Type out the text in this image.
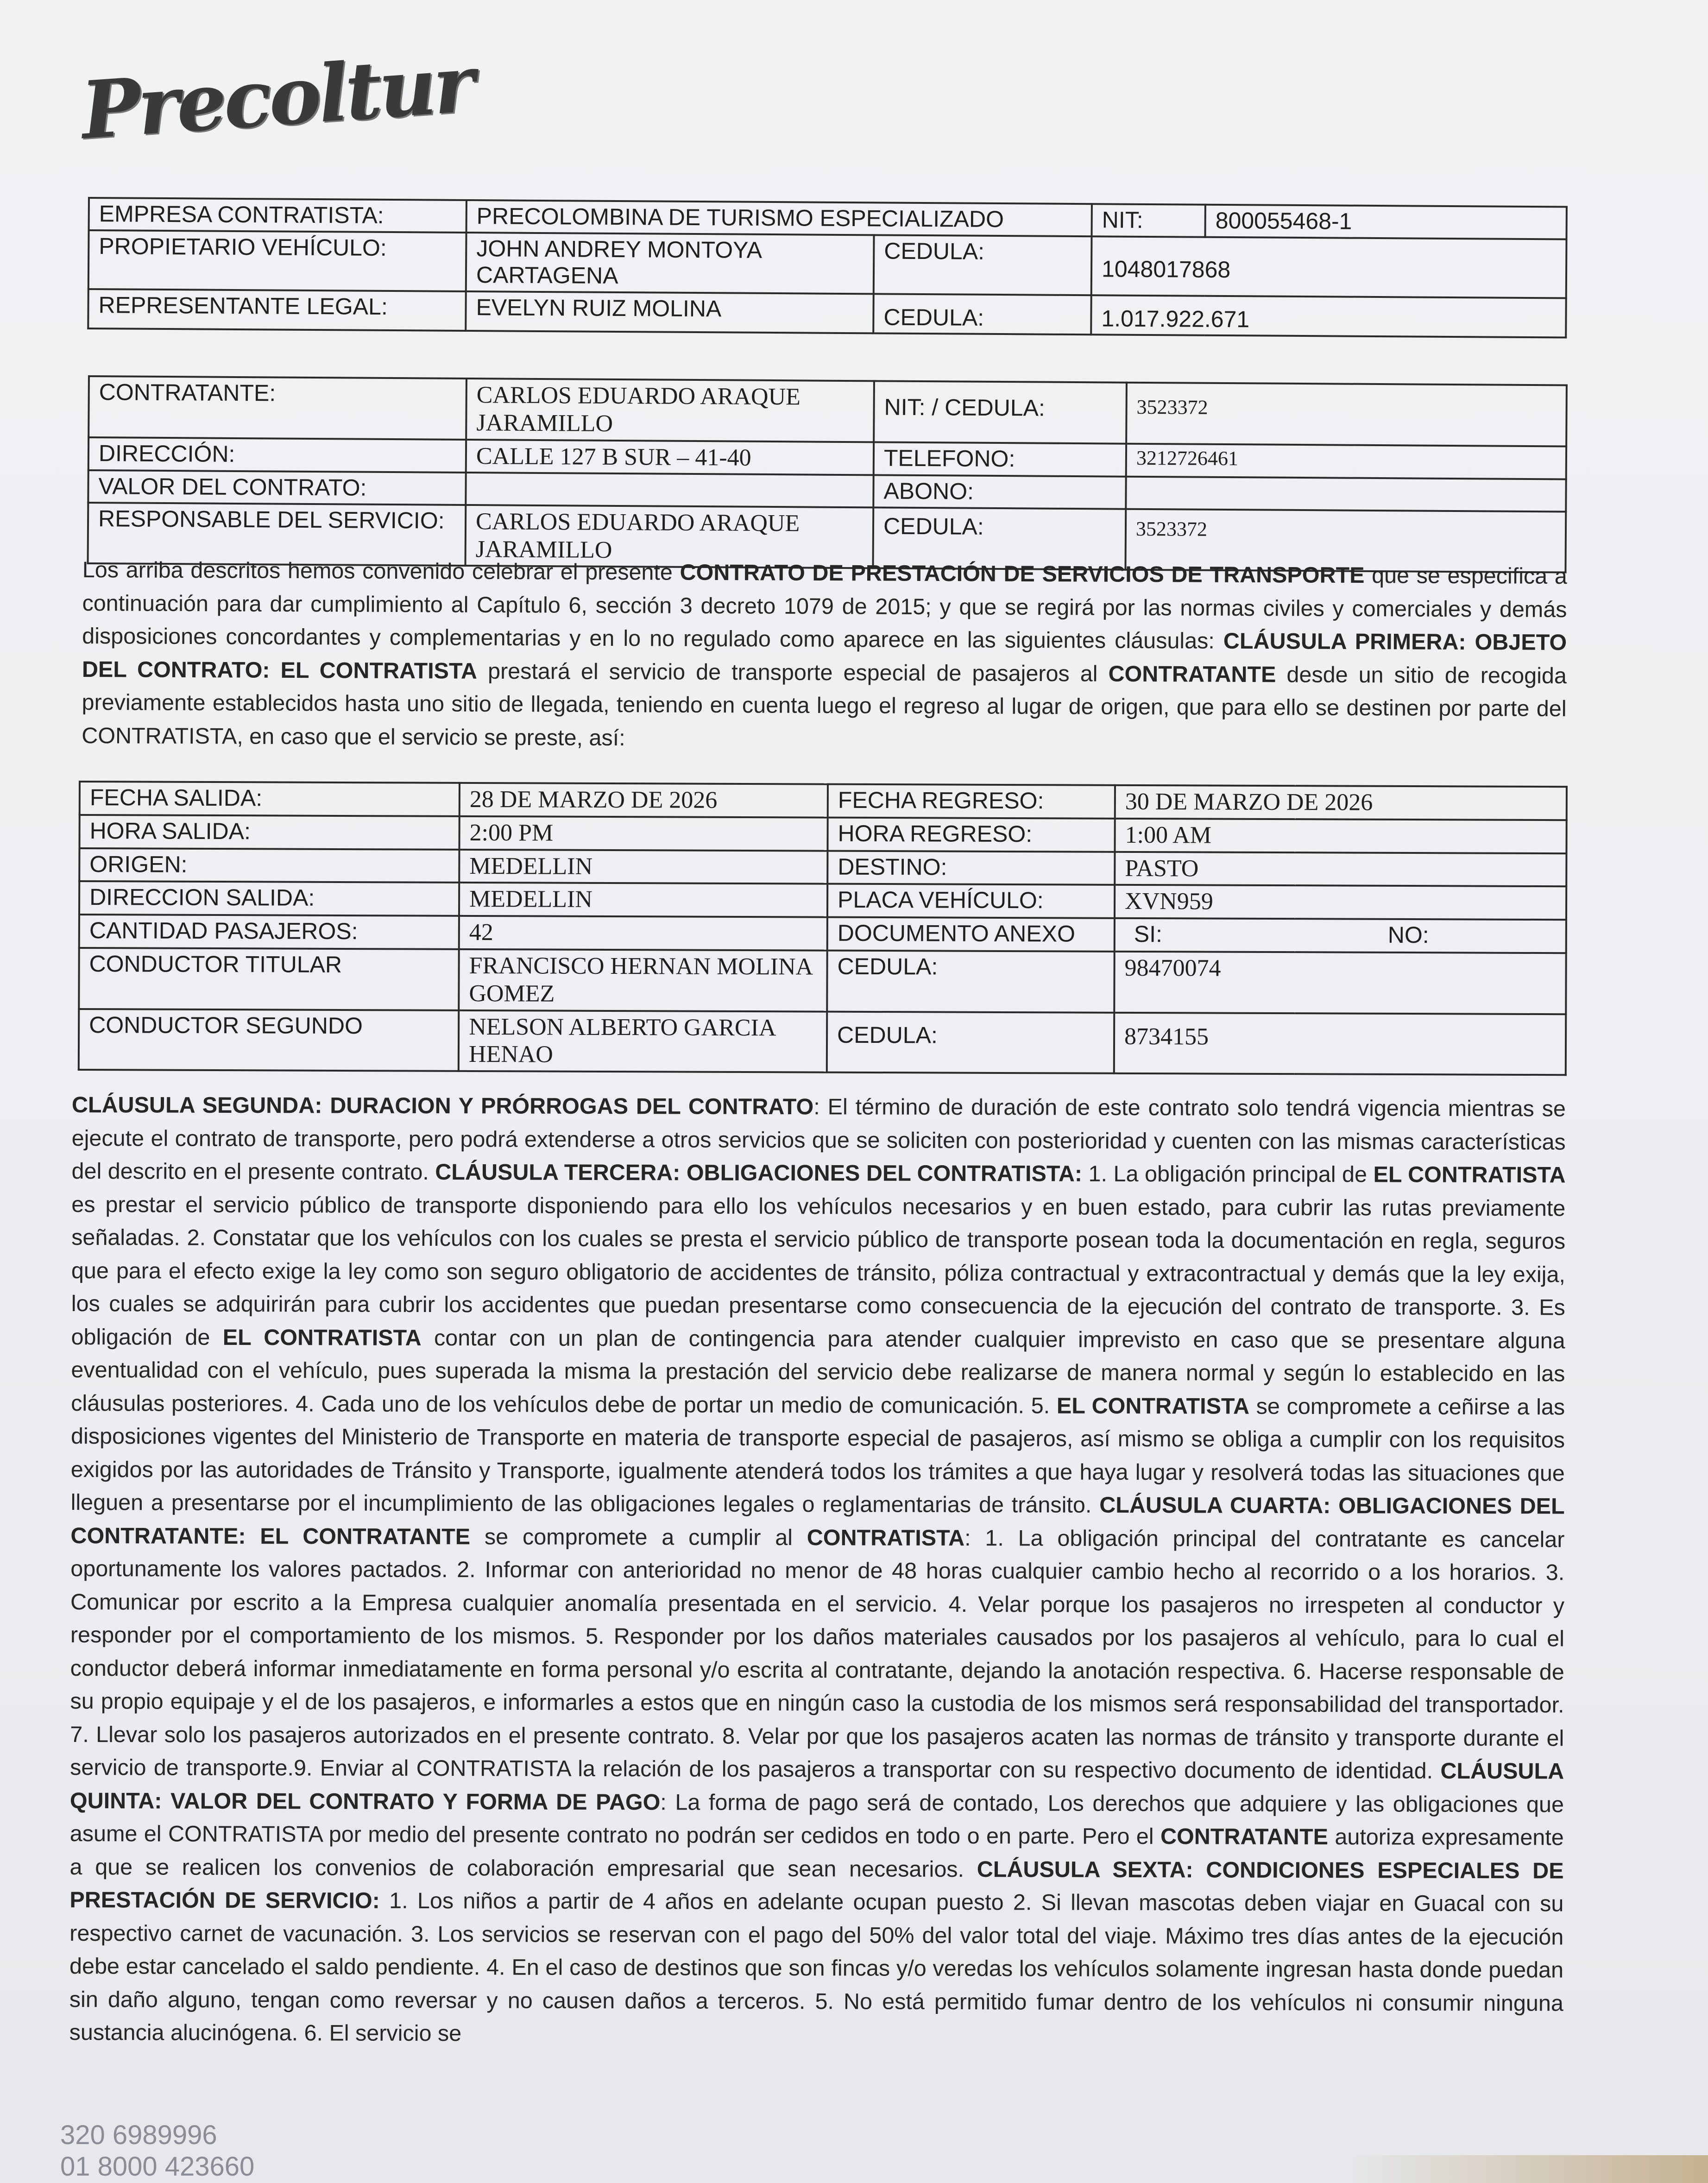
Precoltur
EMPRESA CONTRATISTA:	PRECOLOMBINA DE TURISMO ESPECIALIZADO		NIT:	800055468-1
PROPIETARIO VEHÍCULO:	JOHN ANDREY MONTOYA CARTAGENA	CEDULA:	1048017868	
REPRESENTANTE LEGAL:	EVELYN RUIZ MOLINA	CEDULA:	1.017.922.671	
CONTRATANTE:	CARLOS EDUARDO ARAQUE JARAMILLO	NIT: / CEDULA:	3523372
DIRECCIÓN:	CALLE 127 B SUR – 41-40	TELEFONO:	3212726461
VALOR DEL CONTRATO:		ABONO:	
RESPONSABLE DEL SERVICIO:	CARLOS EDUARDO ARAQUE JARAMILLO	CEDULA:	3523372
Los arriba descritos hemos convenido celebrar el presente CONTRATO DE PRESTACIÓN DE SERVICIOS DE TRANSPORTE que se especifica a continuación para dar cumplimiento al Capítulo 6, sección 3 decreto 1079 de 2015; y que se regirá por las normas civiles y comerciales y demás disposiciones concordantes y complementarias y en lo no regulado como aparece en las siguientes cláusulas: CLÁUSULA PRIMERA: OBJETO DEL CONTRATO: EL CONTRATISTA prestará el servicio de transporte especial de pasajeros al CONTRATANTE desde un sitio de recogida previamente establecidos hasta uno sitio de llegada, teniendo en cuenta luego el regreso al lugar de origen, que para ello se destinen por parte del CONTRATISTA, en caso que el servicio se preste, así:
FECHA SALIDA:	28 DE MARZO DE 2026	FECHA REGRESO:	30 DE MARZO DE 2026	
HORA SALIDA:	2:00 PM	HORA REGRESO:	1:00 AM	
ORIGEN:	MEDELLIN	DESTINO:	PASTO	
DIRECCION SALIDA:	MEDELLIN	PLACA VEHÍCULO:	XVN959	
CANTIDAD PASAJEROS:	42	DOCUMENTO ANEXO	SI:	NO:
CONDUCTOR TITULAR	FRANCISCO HERNAN MOLINA GOMEZ	CEDULA:	98470074	
CONDUCTOR SEGUNDO	NELSON ALBERTO GARCIA HENAO	CEDULA:	8734155	
CLÁUSULA SEGUNDA: DURACION Y PRÓRROGAS DEL CONTRATO: El término de duración de este contrato solo tendrá vigencia mientras se ejecute el contrato de transporte, pero podrá extenderse a otros servicios que se soliciten con posterioridad y cuenten con las mismas características del descrito en el presente contrato. CLÁUSULA TERCERA: OBLIGACIONES DEL CONTRATISTA: 1. La obligación principal de EL CONTRATISTA es prestar el servicio público de transporte disponiendo para ello los vehículos necesarios y en buen estado, para cubrir las rutas previamente señaladas. 2. Constatar que los vehículos con los cuales se presta el servicio público de transporte posean toda la documentación en regla, seguros que para el efecto exige la ley como son seguro obligatorio de accidentes de tránsito, póliza contractual y extracontractual y demás que la ley exija, los cuales se adquirirán para cubrir los accidentes que puedan presentarse como consecuencia de la ejecución del contrato de transporte. 3. Es obligación de EL CONTRATISTA contar con un plan de contingencia para atender cualquier imprevisto en caso que se presentare alguna eventualidad con el vehículo, pues superada la misma la prestación del servicio debe realizarse de manera normal y según lo establecido en las cláusulas posteriores. 4. Cada uno de los vehículos debe de portar un medio de comunicación. 5. EL CONTRATISTA se compromete a ceñirse a las disposiciones vigentes del Ministerio de Transporte en materia de transporte especial de pasajeros, así mismo se obliga a cumplir con los requisitos exigidos por las autoridades de Tránsito y Transporte, igualmente atenderá todos los trámites a que haya lugar y resolverá todas las situaciones que lleguen a presentarse por el incumplimiento de las obligaciones legales o reglamentarias de tránsito. CLÁUSULA CUARTA: OBLIGACIONES DEL CONTRATANTE: EL CONTRATANTE se compromete a cumplir al CONTRATISTA: 1. La obligación principal del contratante es cancelar oportunamente los valores pactados. 2. Informar con anterioridad no menor de 48 horas cualquier cambio hecho al recorrido o a los horarios. 3. Comunicar por escrito a la Empresa cualquier anomalía presentada en el servicio. 4. Velar porque los pasajeros no irrespeten al conductor y responder por el comportamiento de los mismos. 5. Responder por los daños materiales causados por los pasajeros al vehículo, para lo cual el conductor deberá informar inmediatamente en forma personal y/o escrita al contratante, dejando la anotación respectiva. 6. Hacerse responsable de su propio equipaje y el de los pasajeros, e informarles a estos que en ningún caso la custodia de los mismos será responsabilidad del transportador. 7. Llevar solo los pasajeros autorizados en el presente contrato. 8. Velar por que los pasajeros acaten las normas de tránsito y transporte durante el servicio de transporte.9. Enviar al CONTRATISTA la relación de los pasajeros a transportar con su respectivo documento de identidad. CLÁUSULA QUINTA: VALOR DEL CONTRATO Y FORMA DE PAGO: La forma de pago será de contado, Los derechos que adquiere y las obligaciones que asume el CONTRATISTA por medio del presente contrato no podrán ser cedidos en todo o en parte. Pero el CONTRATANTE autoriza expresamente a que se realicen los convenios de colaboración empresarial que sean necesarios. CLÁUSULA SEXTA: CONDICIONES ESPECIALES DE PRESTACIÓN DE SERVICIO: 1. Los niños a partir de 4 años en adelante ocupan puesto 2. Si llevan mascotas deben viajar en Guacal con su respectivo carnet de vacunación. 3. Los servicios se reservan con el pago del 50% del valor total del viaje. Máximo tres días antes de la ejecución debe estar cancelado el saldo pendiente. 4. En el caso de destinos que son fincas y/o veredas los vehículos solamente ingresan hasta donde puedan sin daño alguno, tengan como reversar y no causen daños a terceros. 5. No está permitido fumar dentro de los vehículos ni consumir ninguna sustancia alucinógena. 6. El servicio se
320 6989996
01 8000 423660
